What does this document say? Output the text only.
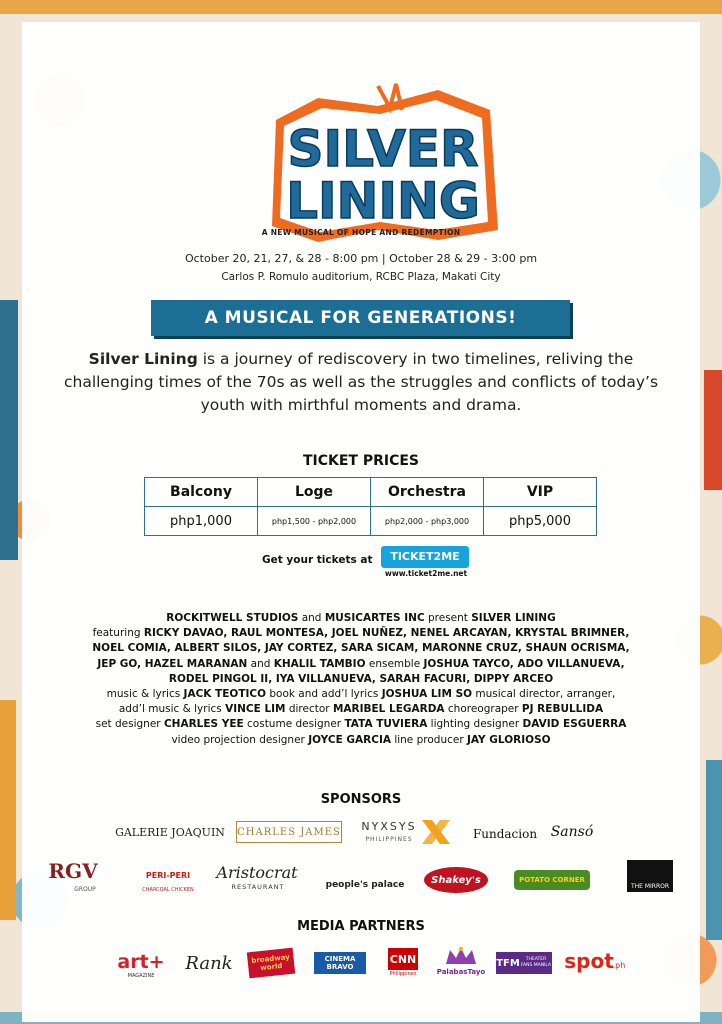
SILVER
LINING
A NEW MUSICAL OF HOPE AND REDEMPTION
October 20, 21, 27, & 28 - 8:00 pm | October 28 & 29 - 3:00 pm
Carlos P. Romulo auditorium, RCBC Plaza, Makati City
A MUSICAL FOR GENERATIONS!
Silver Lining is a journey of rediscovery in two timelines, reliving the challenging times of the 70s as well as the struggles and conflicts of today’s youth with mirthful moments and drama.
TICKET PRICES
Balcony	Loge	Orchestra	VIP
php1,000	php1,500 - php2,000	php2,000 - php3,000	php5,000
Get your tickets at	TICKET2ME
www.ticket2me.net
ROCKITWELL STUDIOS and MUSICARTES INC present SILVER LINING
featuring RICKY DAVAO, RAUL MONTESA, JOEL NUÑEZ, NENEL ARCAYAN, KRYSTAL BRIMNER,
NOEL COMIA, ALBERT SILOS, JAY CORTEZ, SARA SICAM, MARONNE CRUZ, SHAUN OCRISMA,
JEP GO, HAZEL MARANAN and KHALIL TAMBIO ensemble JOSHUA TAYCO, ADO VILLANUEVA,
RODEL PINGOL II, IYA VILLANUEVA, SARAH FACURI, DIPPY ARCEO
music & lyrics JACK TEOTICO book and add’l lyrics JOSHUA LIM SO musical director, arranger,
add’l music & lyrics VINCE LIM director MARIBEL LEGARDA choreograper PJ REBULLIDA
set designer CHARLES YEE costume designer TATA TUVIERA lighting designer DAVID ESGUERRA
video projection designer JOYCE GARCIA line producer JAY GLORIOSO
SPONSORS
GALERIE JOAQUIN	CHARLES JAMES	NYXSYS
PHILIPPINES	Fundacion Sansó
RGV
GROUP
PERI-PERI
CHARCOAL CHICKEN
Aristocrat
RESTAURANT	people's palace	Shakey's	POTATO CORNER
THE MIRROR
MEDIA PARTNERS
art+
MAGAZINE
Rank	broadway world
CINEMA BRAVO
CNN
Philippines	PalabasTayo
TFM	THEATER FANS MANILA spot
.ph
